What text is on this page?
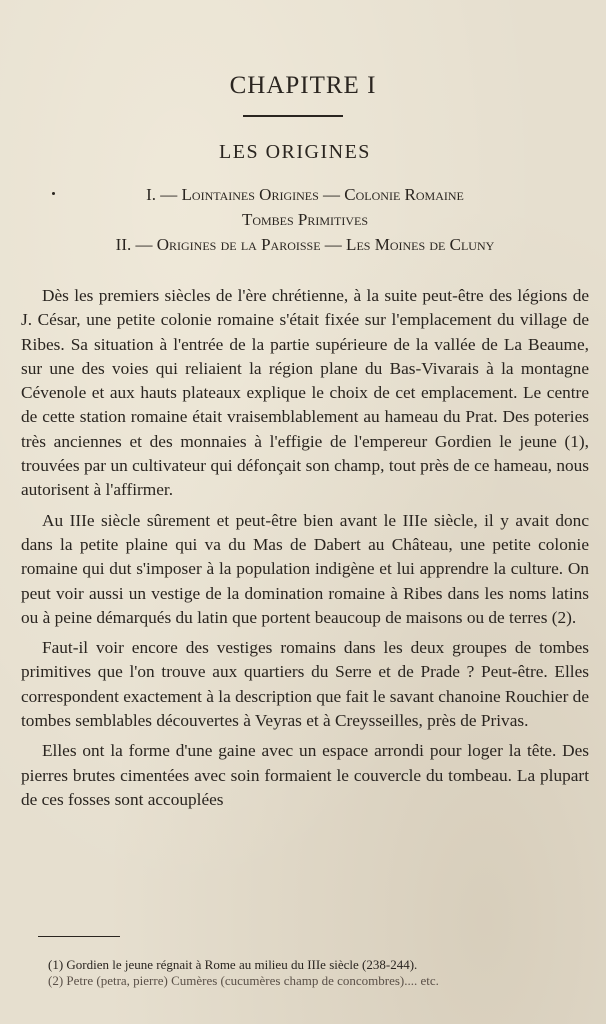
CHAPITRE I
LES ORIGINES
I. — Lointaines Origines — Colonie Romaine
Tombes Primitives
II. — Origines de la Paroisse — Les Moines de Cluny

Dès les premiers siècles de l'ère chrétienne, à la suite peut-être des légions de J. César, une petite colonie romaine s'était fixée sur l'emplacement du village de Ribes. Sa situation à l'entrée de la partie supérieure de la vallée de La Beaume, sur une des voies qui reliaient la région plane du Bas-Vivarais à la montagne Cévenole et aux hauts plateaux explique le choix de cet emplacement. Le centre de cette station romaine était vraisemblablement au hameau du Prat. Des poteries très anciennes et des monnaies à l'effigie de l'empereur Gordien le jeune (1), trouvées par un cultivateur qui défonçait son champ, tout près de ce hameau, nous autorisent à l'affirmer.

Au IIIe siècle sûrement et peut-être bien avant le IIIe siècle, il y avait donc dans la petite plaine qui va du Mas de Dabert au Château, une petite colonie romaine qui dut s'imposer à la population indigène et lui apprendre la culture. On peut voir aussi un vestige de la domination romaine à Ribes dans les noms latins ou à peine démarqués du latin que portent beaucoup de maisons ou de terres (2).

Faut-il voir encore des vestiges romains dans les deux groupes de tombes primitives que l'on trouve aux quartiers du Serre et de Prade ? Peut-être. Elles correspondent exactement à la description que fait le savant chanoine Rouchier de tombes semblables découvertes à Veyras et à Creysseilles, près de Privas.

Elles ont la forme d'une gaine avec un espace arrondi pour loger la tête. Des pierres brutes cimentées avec soin formaient le couvercle du tombeau. La plupart de ces fosses sont accouplées

(1) Gordien le jeune régnait à Rome au milieu du IIIe siècle (238-244).
(2) Petre (petra, pierre) Cumères (cucumères champ de concombres).... etc.
